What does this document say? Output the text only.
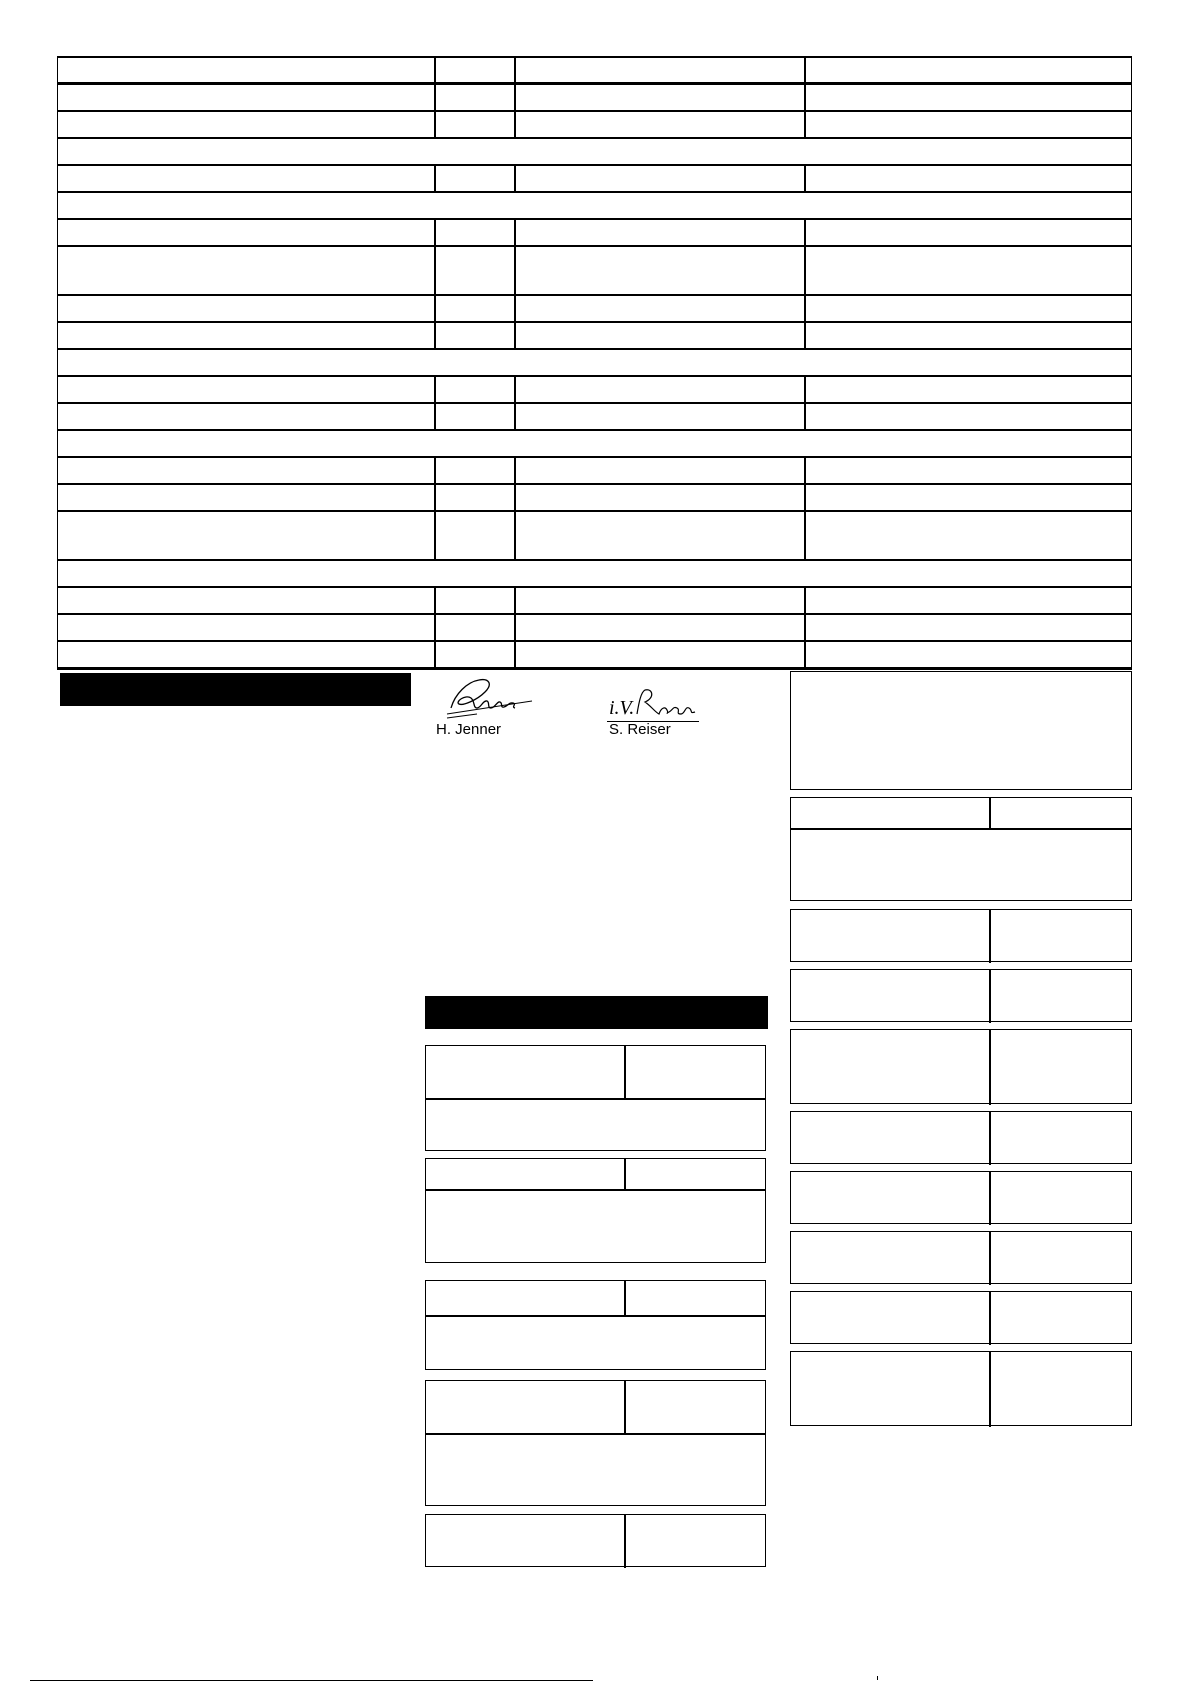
H. Jenner
i.V.
S. Reiser
